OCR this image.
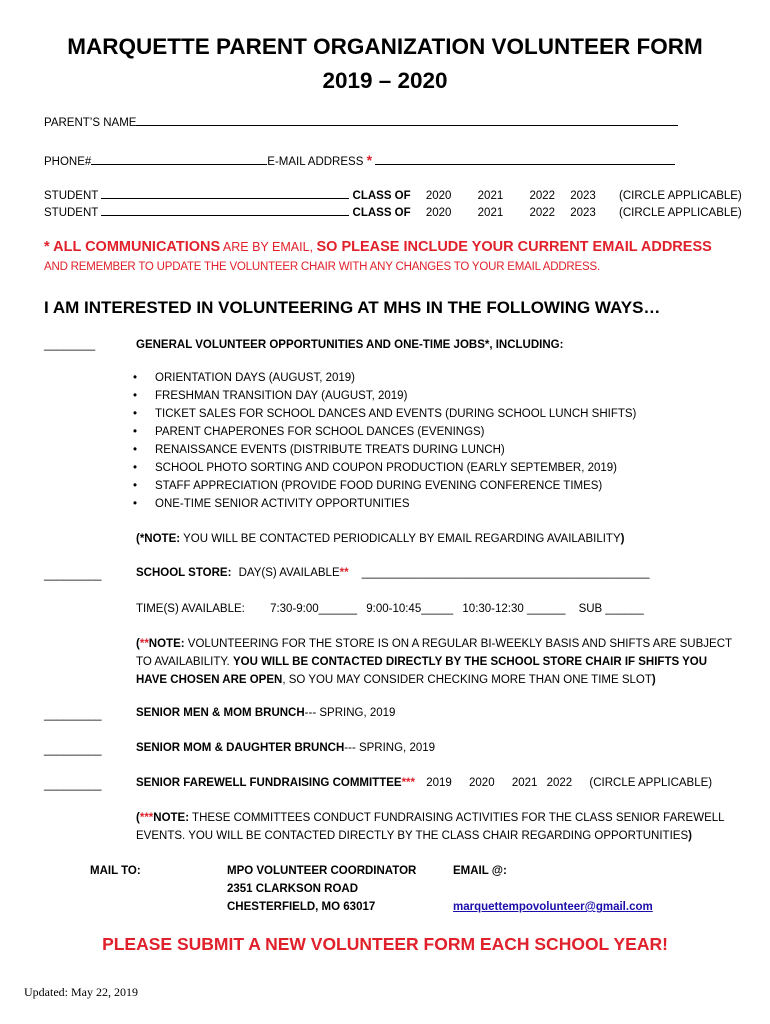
MARQUETTE PARENT ORGANIZATION VOLUNTEER FORM
2019 – 2020
PARENT’S NAME
PHONE#	E-MAIL ADDRESS *
STUDENT	CLASS OF 2020 2021 2022 2023 (CIRCLE APPLICABLE)
STUDENT	CLASS OF 2020 2021 2022 2023 (CIRCLE APPLICABLE)
* ALL COMMUNICATIONS ARE BY EMAIL, SO PLEASE INCLUDE YOUR CURRENT EMAIL ADDRESS
AND REMEMBER TO UPDATE THE VOLUNTEER CHAIR WITH ANY CHANGES TO YOUR EMAIL ADDRESS.
I AM INTERESTED IN VOLUNTEERING AT MHS IN THE FOLLOWING WAYS…
________	GENERAL VOLUNTEER OPPORTUNITIES AND ONE-TIME JOBS*, INCLUDING:
• ORIENTATION DAYS (AUGUST, 2019)
• FRESHMAN TRANSITION DAY (AUGUST, 2019)
• TICKET SALES FOR SCHOOL DANCES AND EVENTS (DURING SCHOOL LUNCH SHIFTS)
• PARENT CHAPERONES FOR SCHOOL DANCES (EVENINGS)
• RENAISSANCE EVENTS (DISTRIBUTE TREATS DURING LUNCH)
• SCHOOL PHOTO SORTING AND COUPON PRODUCTION (EARLY SEPTEMBER, 2019)
• STAFF APPRECIATION (PROVIDE FOOD DURING EVENING CONFERENCE TIMES)
• ONE-TIME SENIOR ACTIVITY OPPORTUNITIES
(*NOTE: YOU WILL BE CONTACTED PERIODICALLY BY EMAIL REGARDING AVAILABILITY)
_________	SCHOOL STORE: DAY(S) AVAILABLE** _____________________________________________
TIME(S) AVAILABLE: 7:30-9:00______ 9:00-10:45_____ 10:30-12:30 ______ SUB ______
(**NOTE: VOLUNTEERING FOR THE STORE IS ON A REGULAR BI-WEEKLY BASIS AND SHIFTS ARE SUBJECT
TO AVAILABILITY. YOU WILL BE CONTACTED DIRECTLY BY THE SCHOOL STORE CHAIR IF SHIFTS YOU
HAVE CHOSEN ARE OPEN, SO YOU MAY CONSIDER CHECKING MORE THAN ONE TIME SLOT)
_________	SENIOR MEN & MOM BRUNCH--- SPRING, 2019
_________	SENIOR MOM & DAUGHTER BRUNCH--- SPRING, 2019
_________	SENIOR FAREWELL FUNDRAISING COMMITTEE*** 2019 2020 2021 2022 (CIRCLE APPLICABLE)
(***NOTE: THESE COMMITTEES CONDUCT FUNDRAISING ACTIVITIES FOR THE CLASS SENIOR FAREWELL
EVENTS. YOU WILL BE CONTACTED DIRECTLY BY THE CLASS CHAIR REGARDING OPPORTUNITIES)
MAIL TO:	MPO VOLUNTEER COORDINATOR
2351 CLARKSON ROAD
CHESTERFIELD, MO 63017
EMAIL @:
marquettempovolunteer@gmail.com
PLEASE SUBMIT A NEW VOLUNTEER FORM EACH SCHOOL YEAR!
Updated: May 22, 2019
